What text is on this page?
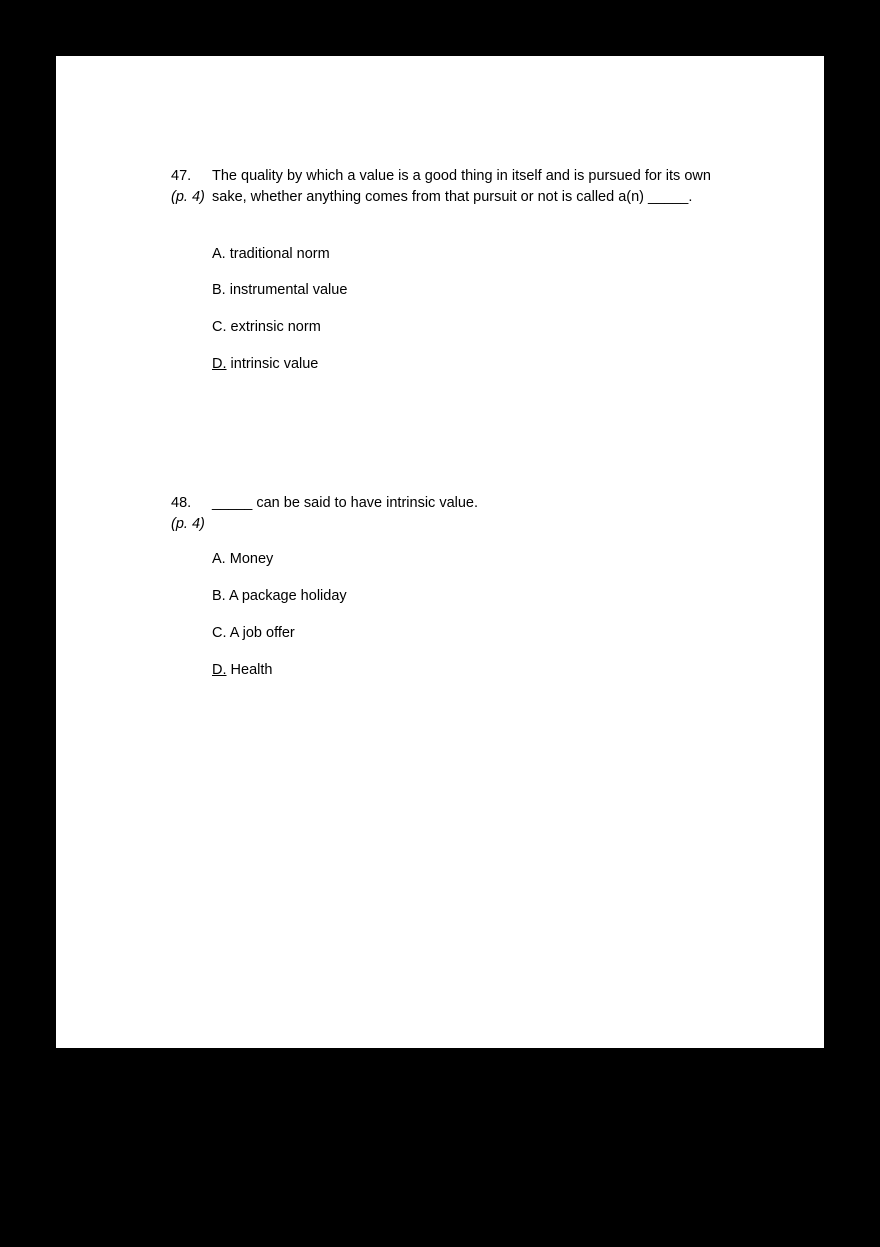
47.
(p. 4)
The quality by which a value is a good thing in itself and is pursued for its own sake, whether anything comes from that pursuit or not is called a(n) _____.
A. traditional norm
B. instrumental value
C. extrinsic norm
D. intrinsic value
48.
(p. 4)
_____ can be said to have intrinsic value.
A. Money
B. A package holiday
C. A job offer
D. Health
